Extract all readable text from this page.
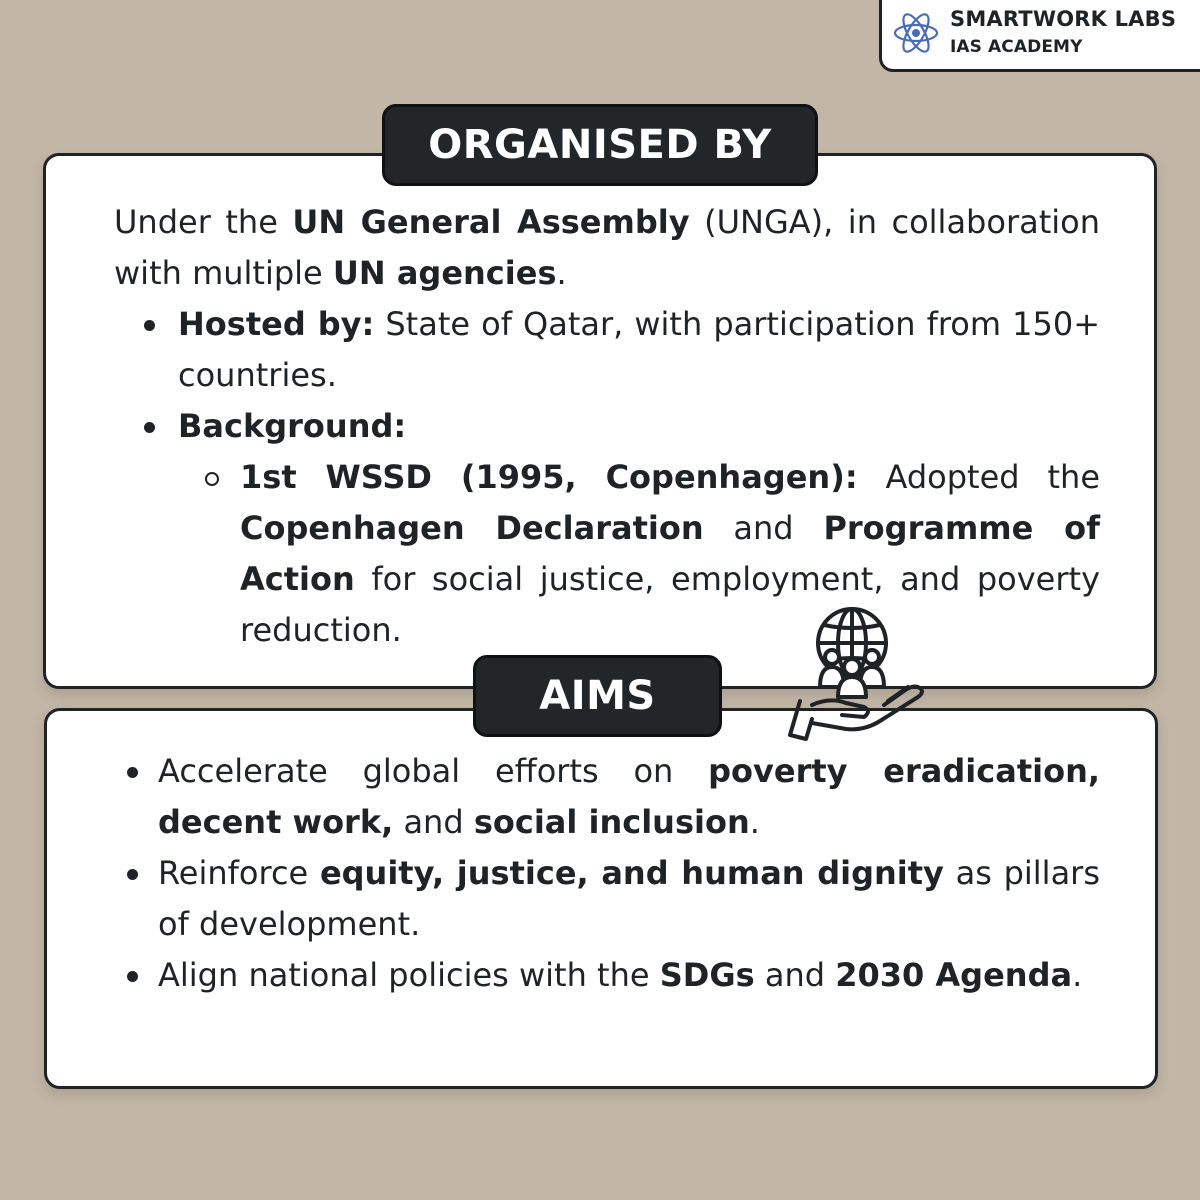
SMARTWORK LABS
IAS ACADEMY
ORGANISED BY
Under the UN General Assembly (UNGA), in collaboration with multiple UN agencies.
Hosted by: State of Qatar, with participation from 150+ countries.
Background:
1st WSSD (1995, Copenhagen): Adopted the Copenhagen Declaration and Programme of Action for social justice, employment, and poverty reduction.
AIMS
Accelerate global efforts on poverty eradication, decent work, and social inclusion.
Reinforce equity, justice, and human dignity as pillars of development.
Align national policies with the SDGs and 2030 Agenda.
